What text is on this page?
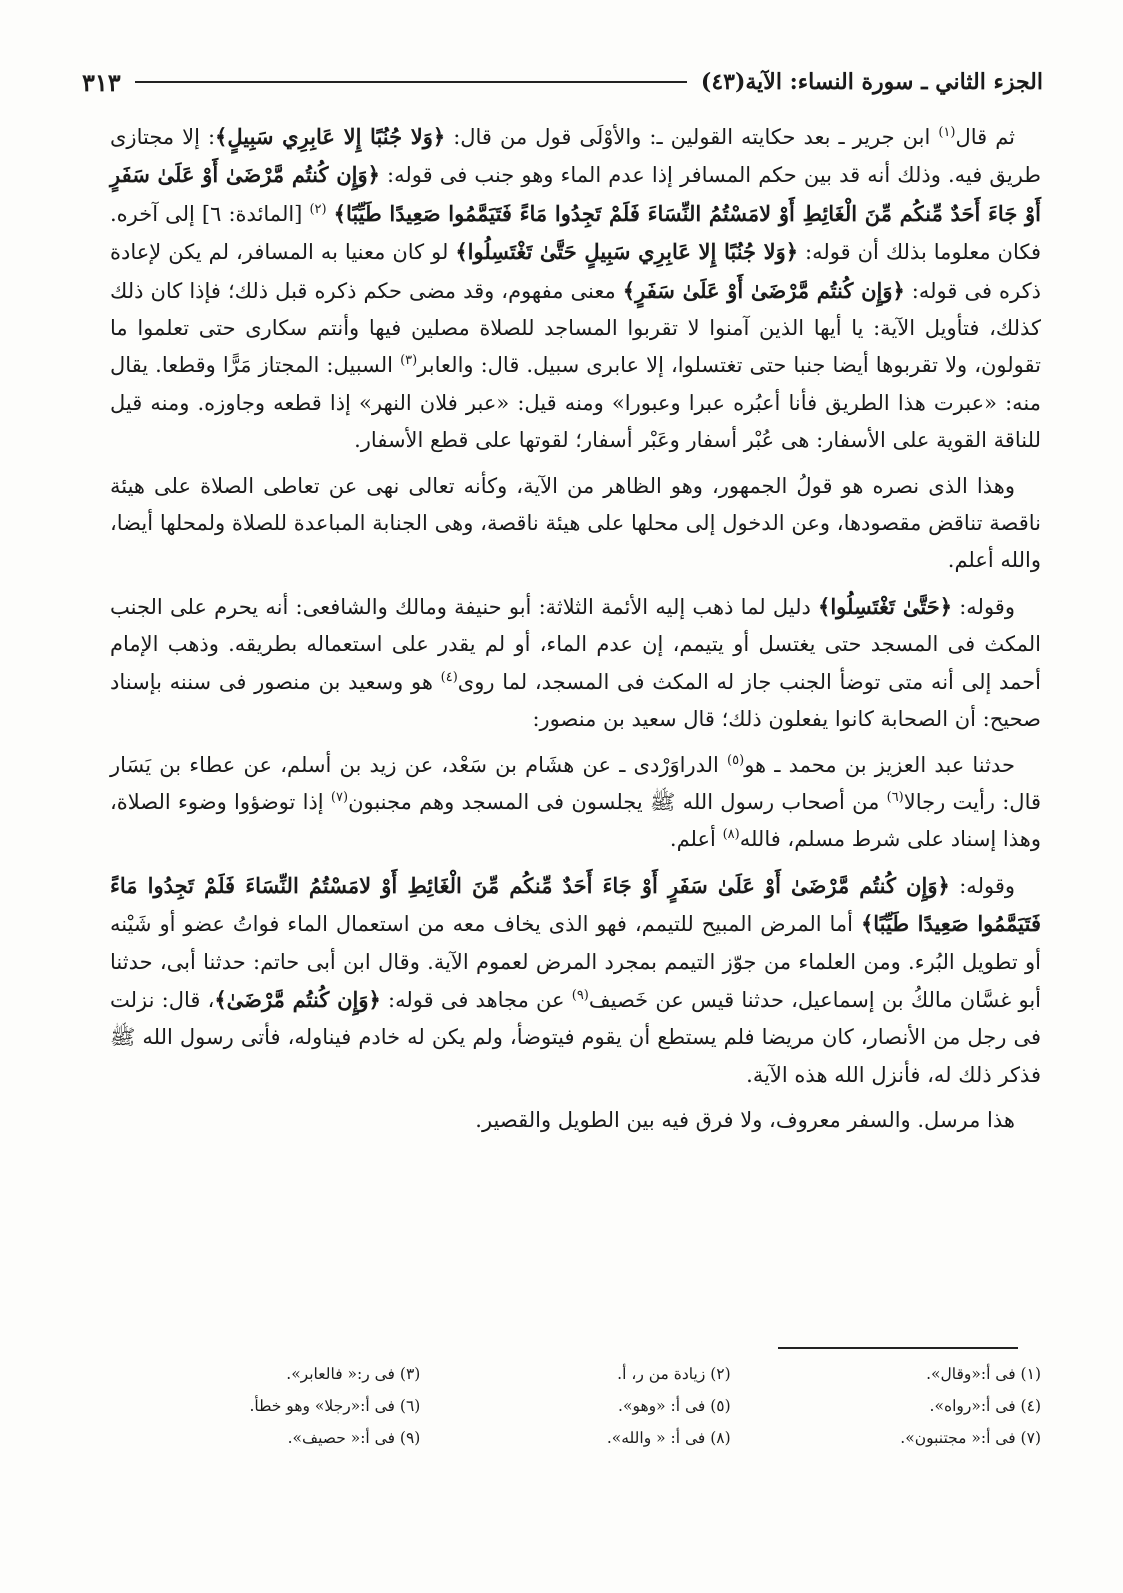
الجزء الثاني ـ سورة النساء: الآية(٤٣)
٣١٣

ثم قال$^{(١)}$ ابن جرير ـ بعد حكايته القولين ـ: والأوْلَى قول من قال: ﴿وَلا جُنُبًا إِلا عَابِرِي سَبِيلٍ﴾: إلا مجتازى طريق فيه. وذلك أنه قد بين حكم المسافر إذا عدم الماء وهو جنب فى قوله: ﴿وَإِن كُنتُم مَّرْضَىٰ أَوْ عَلَىٰ سَفَرٍ أَوْ جَاءَ أَحَدٌ مِّنكُم مِّنَ الْغَائِطِ أَوْ لامَسْتُمُ النِّسَاءَ فَلَمْ تَجِدُوا مَاءً فَتَيَمَّمُوا صَعِيدًا طَيِّبًا﴾ $^{(٢)}$ [المائدة: ٦] إلى آخره. فكان معلوما بذلك أن قوله: ﴿وَلا جُنُبًا إِلا عَابِرِي سَبِيلٍ حَتَّىٰ تَغْتَسِلُوا﴾ لو كان معنيا به المسافر، لم يكن لإعادة ذكره فى قوله: ﴿وَإِن كُنتُم مَّرْضَىٰ أَوْ عَلَىٰ سَفَرٍ﴾ معنى مفهوم، وقد مضى حكم ذكره قبل ذلك؛ فإذا كان ذلك كذلك، فتأويل الآية: يا أيها الذين آمنوا لا تقربوا المساجد للصلاة مصلين فيها وأنتم سكارى حتى تعلموا ما تقولون، ولا تقربوها أيضا جنبا حتى تغتسلوا، إلا عابرى سبيل. قال: والعابر$^{(٣)}$ السبيل: المجتاز مَرًّا وقطعا. يقال منه: «عبرت هذا الطريق فأنا أعبُره عبرا وعبورا» ومنه قيل: «عبر فلان النهر» إذا قطعه وجاوزه. ومنه قيل للناقة القوية على الأسفار: هى عُبْر أسفار وعَبْر أسفار؛ لقوتها على قطع الأسفار.

وهذا الذى نصره هو قولُ الجمهور، وهو الظاهر من الآية، وكأنه تعالى نهى عن تعاطى الصلاة على هيئة ناقصة تناقض مقصودها، وعن الدخول إلى محلها على هيئة ناقصة، وهى الجنابة المباعدة للصلاة ولمحلها أيضا، والله أعلم.

وقوله: ﴿حَتَّىٰ تَغْتَسِلُوا﴾ دليل لما ذهب إليه الأئمة الثلاثة: أبو حنيفة ومالك والشافعى: أنه يحرم على الجنب المكث فى المسجد حتى يغتسل أو يتيمم، إن عدم الماء، أو لم يقدر على استعماله بطريقه. وذهب الإمام أحمد إلى أنه متى توضأ الجنب جاز له المكث فى المسجد، لما روى$^{(٤)}$ هو وسعيد بن منصور فى سننه بإسناد صحيح: أن الصحابة كانوا يفعلون ذلك؛ قال سعيد بن منصور:

حدثنا عبد العزيز بن محمد ـ هو$^{(٥)}$ الدراوَرْدى ـ عن هشَام بن سَعْد، عن زيد بن أسلم، عن عطاء بن يَسَار قال: رأيت رجالا$^{(٦)}$ من أصحاب رسول الله ﷺ يجلسون فى المسجد وهم مجنبون$^{(٧)}$ إذا توضؤوا وضوء الصلاة، وهذا إسناد على شرط مسلم، فالله$^{(٨)}$ أعلم.

وقوله: ﴿وَإِن كُنتُم مَّرْضَىٰ أَوْ عَلَىٰ سَفَرٍ أَوْ جَاءَ أَحَدٌ مِّنكُم مِّنَ الْغَائِطِ أَوْ لامَسْتُمُ النِّسَاءَ فَلَمْ تَجِدُوا مَاءً فَتَيَمَّمُوا صَعِيدًا طَيِّبًا﴾ أما المرض المبيح للتيمم، فهو الذى يخاف معه من استعمال الماء فواتُ عضو أو شَيْنه أو تطويل البُرء. ومن العلماء من جوّز التيمم بمجرد المرض لعموم الآية. وقال ابن أبى حاتم: حدثنا أبى، حدثنا أبو غسَّان مالكُ بن إسماعيل، حدثنا قيس عن خَصيف$^{(٩)}$ عن مجاهد فى قوله: ﴿وَإِن كُنتُم مَّرْضَىٰ﴾، قال: نزلت فى رجل من الأنصار، كان مريضا فلم يستطع أن يقوم فيتوضأ، ولم يكن له خادم فيناوله، فأتى رسول الله ﷺ فذكر ذلك له، فأنزل الله هذه الآية.

هذا مرسل. والسفر معروف، ولا فرق فيه بين الطويل والقصير.

(١) فى أ:«وقال».
(٢) زيادة من ر، أ.
(٣) فى ر:« فالعابر».
(٤) فى أ:«رواه».
(٥) فى أ: «وهو».
(٦) فى أ:«رجلا» وهو خطأ.
(٧) فى أ:« مجتنبون».
(٨) فى أ: « والله».
(٩) فى أ:« حصيف».
